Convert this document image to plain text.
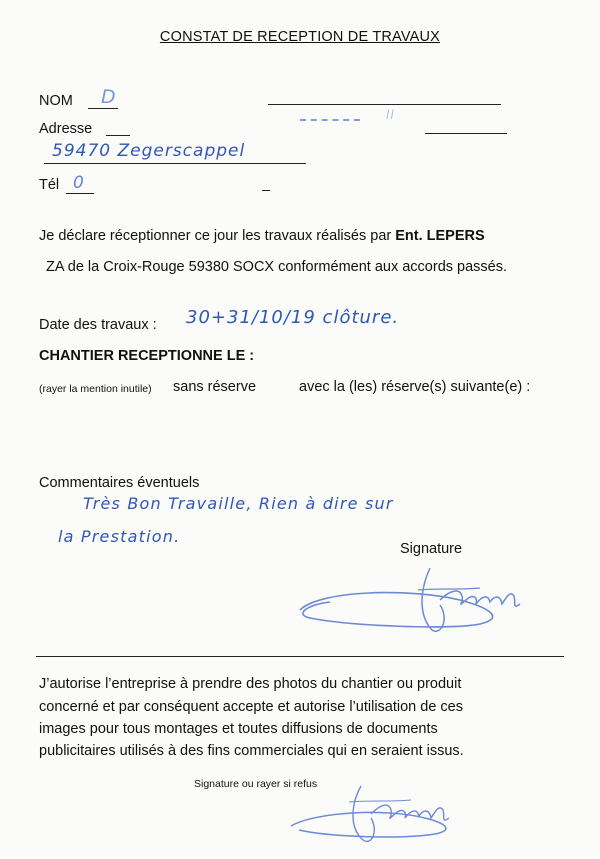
CONSTAT DE RECEPTION DE TRAVAUX
NOM D
Adresse
ll
59470 Zegerscappel
Tél 0
Je déclare réceptionner ce jour les travaux réalisés par Ent. LEPERS
ZA de la Croix-Rouge 59380 SOCX conformément aux accords passés.
Date des travaux : 30+31/10/19 clôture.
CHANTIER RECEPTIONNE LE :
(rayer la mention inutile) sans réserve	avec la (les) réserve(s) suivante(e) :
Commentaires éventuels
Très Bon Travaille, Rien à dire sur
la Prestation.
Signature
J’autorise l’entreprise à prendre des photos du chantier ou produit
concerné et par conséquent accepte et autorise l’utilisation de ces
images pour tous montages et toutes diffusions de documents
publicitaires utilisés à des fins commerciales qui en seraient issus.
Signature ou rayer si refus
